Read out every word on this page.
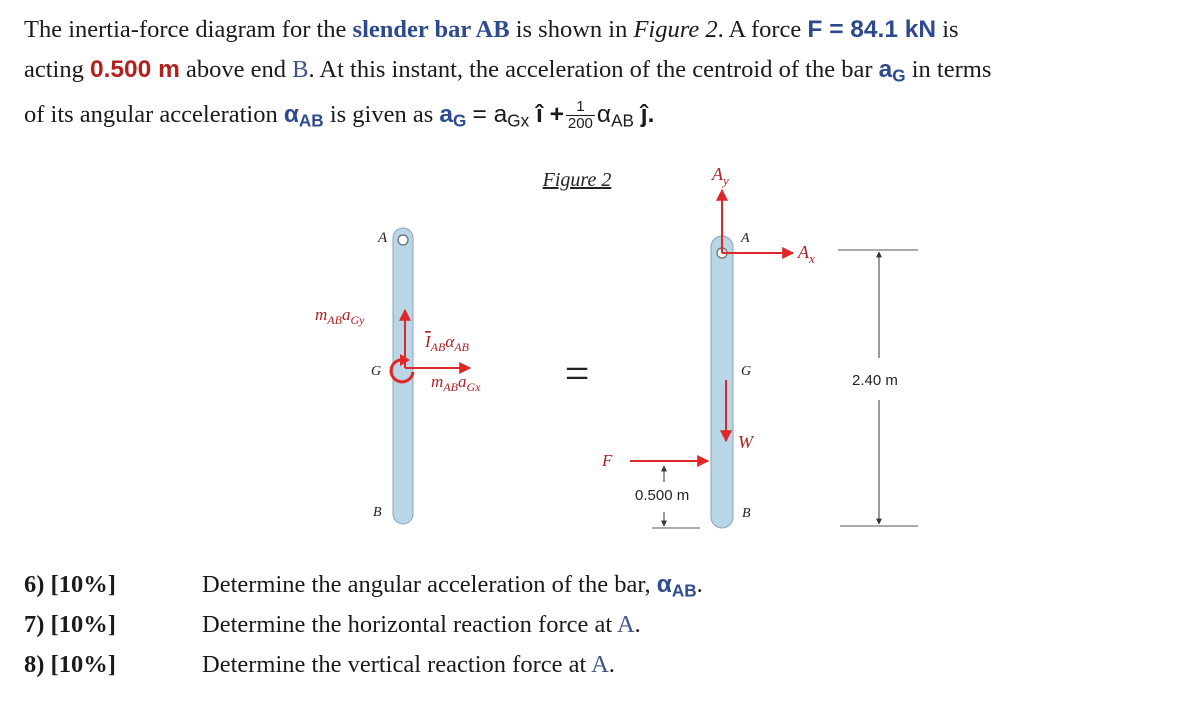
The inertia-force diagram for the slender bar AB is shown in Figure 2. A force F = 84.1 kN is
acting 0.500 m above end B. At this instant, the acceleration of the centroid of the bar $a_G$ in terms
of its angular acceleration $\alpha_{AB}$ is given as $a_G = a_{Gx}$ î + $\frac{1}{200} \alpha_{AB}$ ĵ.
Figure 2
A
G
B
$m_{AB}a_{Gy}$
$I_{AB}\alpha_{AB}$
$m_{AB}a_{Gx}$ =
A
G
B
$A_y$
$A_x$
W
F
0.500 m
2.40 m
6) [10%]	Determine the angular acceleration of the bar, $\alpha_{AB}$.
7) [10%]	Determine the horizontal reaction force at A.
8) [10%]	Determine the vertical reaction force at A.
